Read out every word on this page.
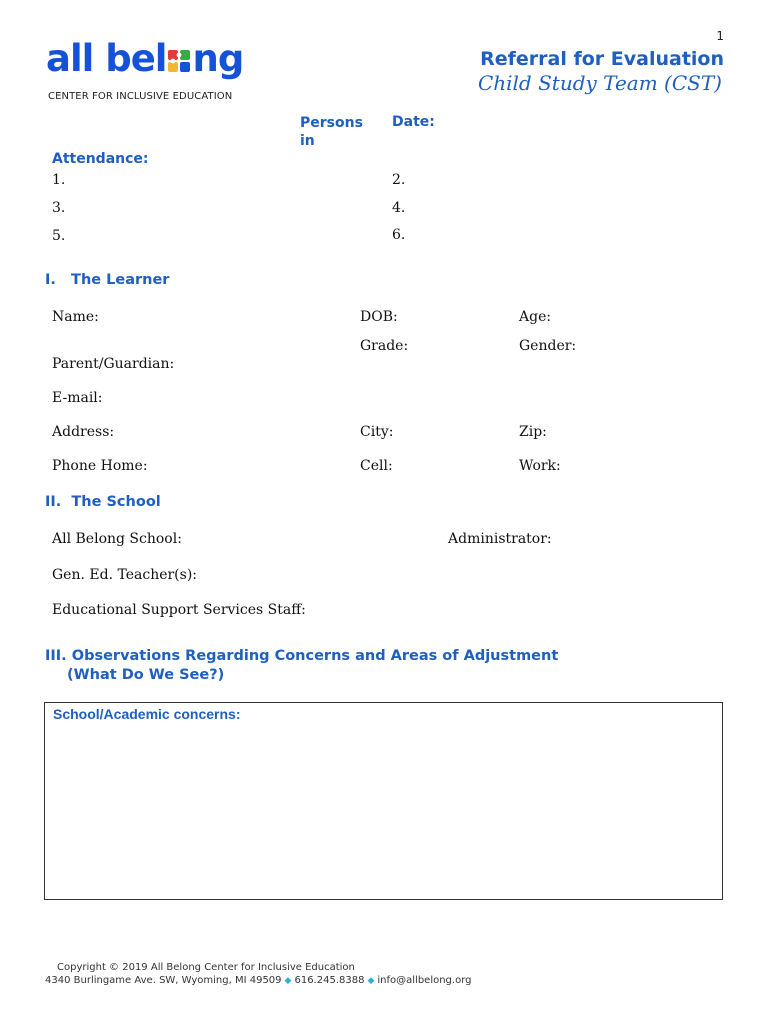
1
all bel ng
CENTER FOR INCLUSIVE EDUCATION
Referral for Evaluation
Child Study Team (CST)
Persons in
Date:
Attendance:
1.	2.
3.	4.
5.	6.
I.   The Learner
Name:	DOB:	Age:
Grade:	Gender:
Parent/Guardian:
E-mail:
Address:	City:	Zip:
Phone Home:	Cell:	Work:
II.  The School
All Belong School:	Administrator:
Gen. Ed. Teacher(s):
Educational Support Services Staff:
III. Observations Regarding Concerns and Areas of Adjustment
(What Do We See?)
School/Academic concerns:
Copyright © 2019 All Belong Center for Inclusive Education
4340 Burlingame Ave. SW, Wyoming, MI 49509 ◆ 616.245.8388 ◆ info@allbelong.org
